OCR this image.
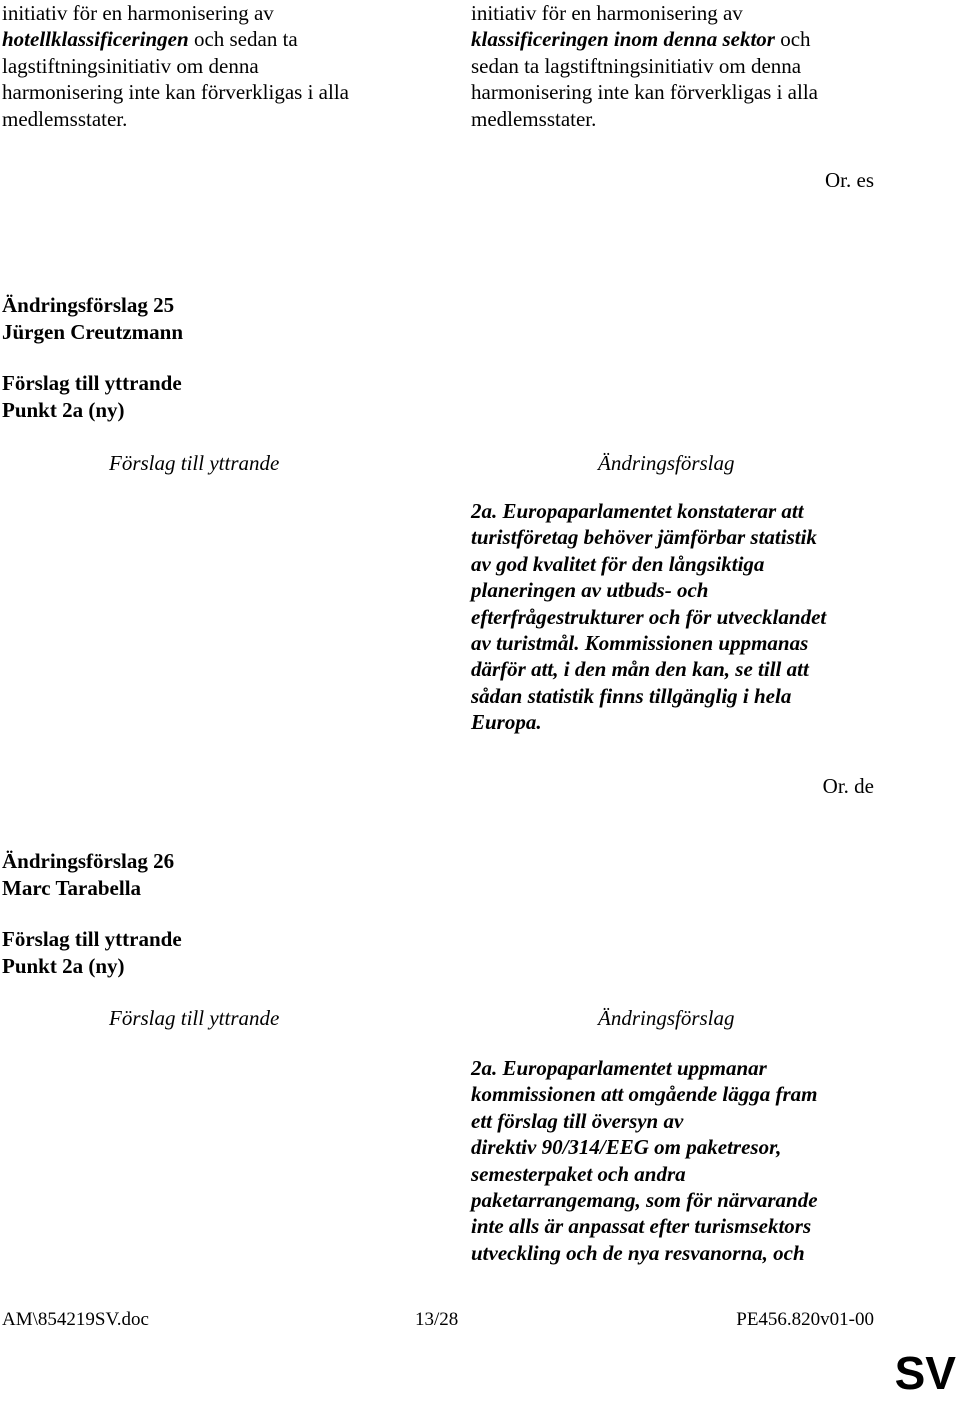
initiativ för en harmonisering av
hotellklassificeringen och sedan ta
lagstiftningsinitiativ om denna
harmonisering inte kan förverkligas i alla
medlemsstater.
initiativ för en harmonisering av
klassificeringen inom denna sektor och
sedan ta lagstiftningsinitiativ om denna
harmonisering inte kan förverkligas i alla
medlemsstater.
Or. es
Ändringsförslag 25
Jürgen Creutzmann
Förslag till yttrande
Punkt 2a (ny)
Förslag till yttrande	Ändringsförslag
2a. Europaparlamentet konstaterar att
turistföretag behöver jämförbar statistik
av god kvalitet för den långsiktiga
planeringen av utbuds- och
efterfrågestrukturer och för utvecklandet
av turistmål. Kommissionen uppmanas
därför att, i den mån den kan, se till att
sådan statistik finns tillgänglig i hela
Europa.
Or. de
Ändringsförslag 26
Marc Tarabella
Förslag till yttrande
Punkt 2a (ny)
Förslag till yttrande	Ändringsförslag
2a. Europaparlamentet uppmanar
kommissionen att omgående lägga fram
ett förslag till översyn av
direktiv 90/314/EEG om paketresor,
semesterpaket och andra
paketarrangemang, som för närvarande
inte alls är anpassat efter turismsektors
utveckling och de nya resvanorna, och
AM\854219SV.doc	13/28	PE456.820v01-00
SV
